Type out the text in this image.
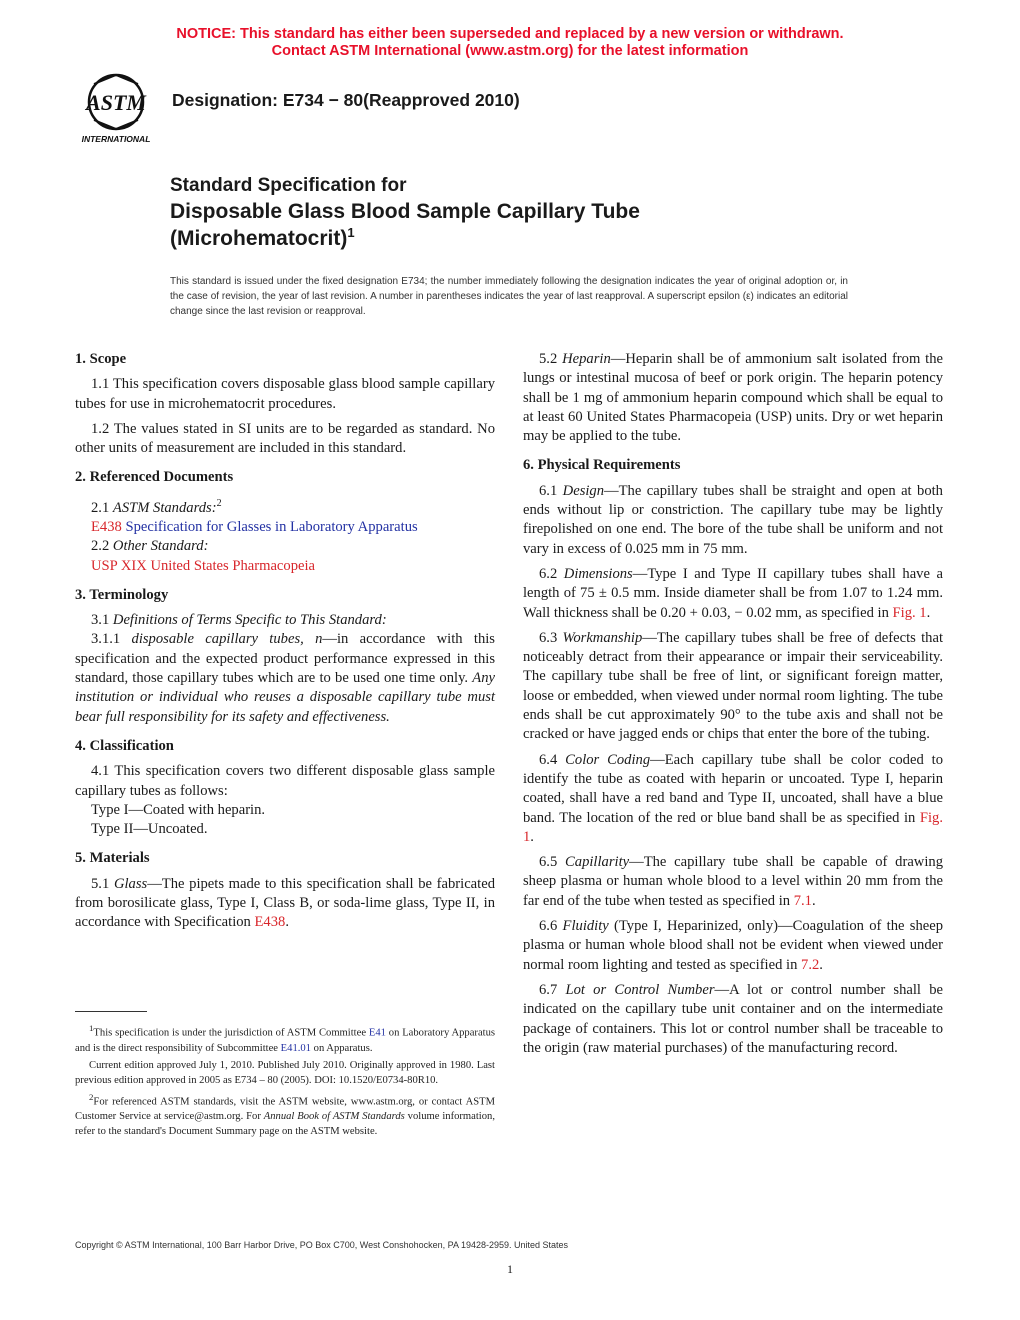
NOTICE: This standard has either been superseded and replaced by a new version or withdrawn.
Contact ASTM International (www.astm.org) for the latest information
ASTM
INTERNATIONAL
Designation: E734 − 80(Reapproved 2010)
Standard Specification for
Disposable Glass Blood Sample Capillary Tube
(Microhematocrit)$^1$
This standard is issued under the fixed designation E734; the number immediately following the designation indicates the year of original adoption or, in the case of revision, the year of last revision. A number in parentheses indicates the year of last reapproval. A superscript epsilon (ε) indicates an editorial change since the last revision or reapproval.
1. Scope

1.1 This specification covers disposable glass blood sample capillary tubes for use in microhematocrit procedures.

1.2 The values stated in SI units are to be regarded as standard. No other units of measurement are included in this standard.

2. Referenced Documents

2.1 ASTM Standards:$^2$

E438 Specification for Glasses in Laboratory Apparatus

2.2 Other Standard:

USP XIX United States Pharmacopeia

3. Terminology

3.1 Definitions of Terms Specific to This Standard:

3.1.1 disposable capillary tubes, n—in accordance with this specification and the expected product performance expressed in this standard, those capillary tubes which are to be used one time only. Any institution or individual who reuses a disposable capillary tube must bear full responsibility for its safety and effectiveness.

4. Classification

4.1 This specification covers two different disposable glass sample capillary tubes as follows:

Type I—Coated with heparin.

Type II—Uncoated.

5. Materials

5.1 Glass—The pipets made to this specification shall be fabricated from borosilicate glass, Type I, Class B, or soda-lime glass, Type II, in accordance with Specification E438.

5.2 Heparin—Heparin shall be of ammonium salt isolated from the lungs or intestinal mucosa of beef or pork origin. The heparin potency shall be 1 mg of ammonium heparin compound which shall be equal to at least 60 United States Pharmacopeia (USP) units. Dry or wet heparin may be applied to the tube.

6. Physical Requirements

6.1 Design—The capillary tubes shall be straight and open at both ends without lip or constriction. The capillary tube may be lightly firepolished on one end. The bore of the tube shall be uniform and not vary in excess of 0.025 mm in 75 mm.

6.2 Dimensions—Type I and Type II capillary tubes shall have a length of 75 ± 0.5 mm. Inside diameter shall be from 1.07 to 1.24 mm. Wall thickness shall be 0.20 + 0.03, − 0.02 mm, as specified in Fig. 1.

6.3 Workmanship—The capillary tubes shall be free of defects that noticeably detract from their appearance or impair their serviceability. The capillary tube shall be free of lint, or significant foreign matter, loose or embedded, when viewed under normal room lighting. The tube ends shall be cut approximately 90° to the tube axis and shall not be cracked or have jagged ends or chips that enter the bore of the tubing.

6.4 Color Coding—Each capillary tube shall be color coded to identify the tube as coated with heparin or uncoated. Type I, heparin coated, shall have a red band and Type II, uncoated, shall have a blue band. The location of the red or blue band shall be as specified in Fig. 1.

6.5 Capillarity—The capillary tube shall be capable of drawing sheep plasma or human whole blood to a level within 20 mm from the far end of the tube when tested as specified in 7.1.

6.6 Fluidity (Type I, Heparinized, only)—Coagulation of the sheep plasma or human whole blood shall not be evident when viewed under normal room lighting and tested as specified in 7.2.

6.7 Lot or Control Number—A lot or control number shall be indicated on the capillary tube unit container and on the intermediate package of containers. This lot or control number shall be traceable to the origin (raw material purchases) of the manufacturing record.

$^1$This specification is under the jurisdiction of ASTM Committee E41 on Laboratory Apparatus and is the direct responsibility of Subcommittee E41.01 on Apparatus.

Current edition approved July 1, 2010. Published July 2010. Originally approved in 1980. Last previous edition approved in 2005 as E734 – 80 (2005). DOI: 10.1520/E0734-80R10.

$^2$For referenced ASTM standards, visit the ASTM website, www.astm.org, or contact ASTM Customer Service at service@astm.org. For Annual Book of ASTM Standards volume information, refer to the standard's Document Summary page on the ASTM website.

Copyright © ASTM International, 100 Barr Harbor Drive, PO Box C700, West Conshohocken, PA 19428-2959. United States
1
